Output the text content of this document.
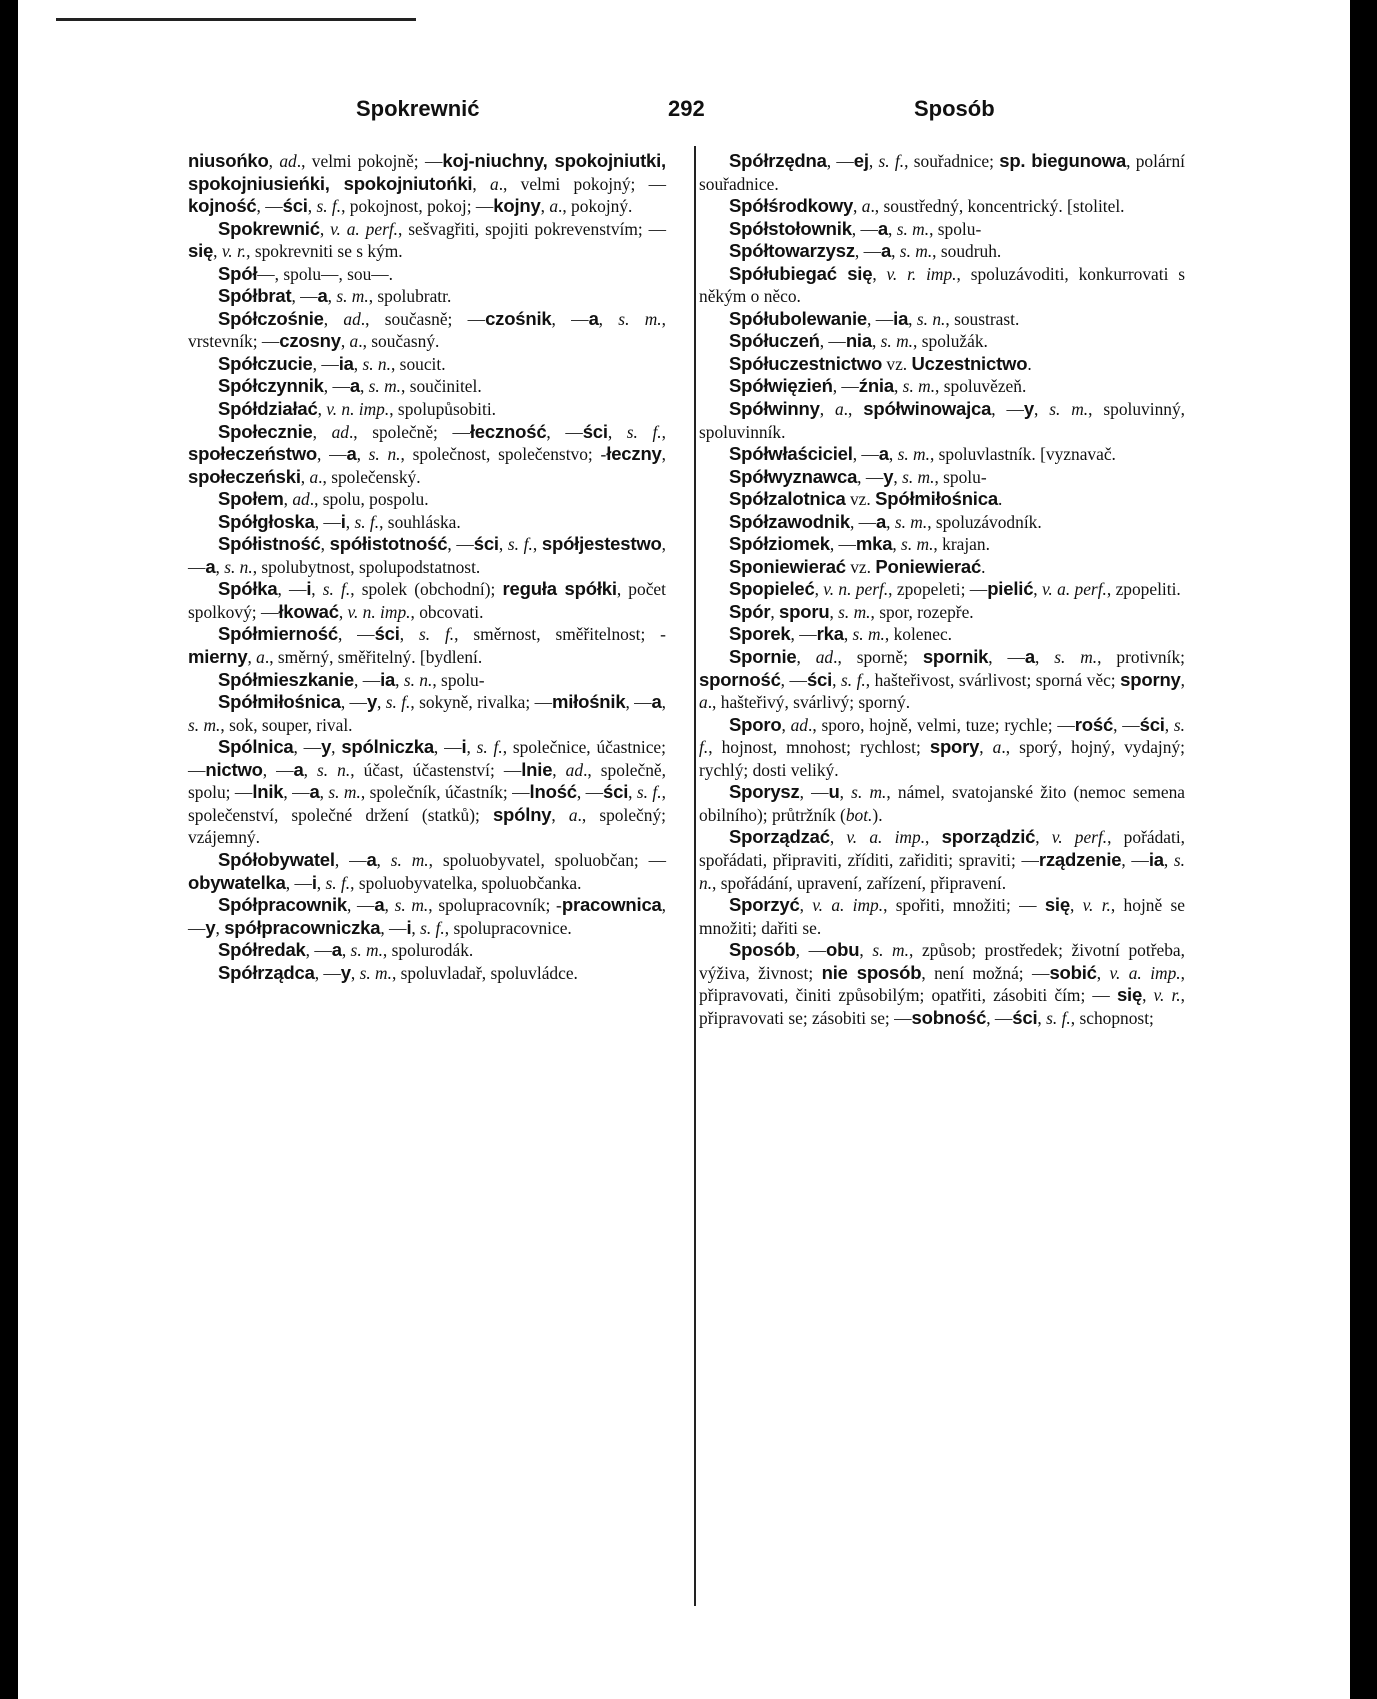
Spokrewnić	292	Sposób

niusońko, ad., velmi pokojně; —koj-niuchny, spokojniutki, spokojniusieńki, spokojniutońki, a., velmi pokojný; —kojność, —ści, s. f., pokojnost, pokoj; —kojny, a., pokojný.

Spokrewnić, v. a. perf., sešvagřiti, spojiti pokrevenstvím; — się, v. r., spokrevniti se s kým.

Spół—, spolu—, sou—.

Spółbrat, —a, s. m., spolubratr.

Spółczośnie, ad., současně; —czośnik, —a, s. m., vrstevník; —czosny, a., současný.

Spółczucie, —ia, s. n., soucit.

Spółczynnik, —a, s. m., součinitel.

Spółdziałać, v. n. imp., spolupůsobiti.

Społecznie, ad., společně; —łeczność, —ści, s. f., społeczeństwo, —a, s. n., společnost, společenstvo; -łeczny, społeczeński, a., společenský.

Społem, ad., spolu, pospolu.

Spółgłoska, —i, s. f., souhláska.

Spółistność, spółistotność, —ści, s. f., spółjestestwo, —a, s. n., spolubytnost, spolupodstatnost.

Spółka, —i, s. f., spolek (obchodní); reguła spółki, počet spolkový; —łkować, v. n. imp., obcovati.

Spółmierność, —ści, s. f., směrnost, směřitelnost; -mierny, a., směrný, směřitelný. [bydlení.

Spółmieszkanie, —ia, s. n., spolu-

Spółmiłośnica, —y, s. f., sokyně, rivalka; —miłośnik, —a, s. m., sok, souper, rival.

Spólnica, —y, spólniczka, —i, s. f., společnice, účastnice; —nictwo, —a, s. n., účast, účastenství; —lnie, ad., společně, spolu; —lnik, —a, s. m., společník, účastník; —lność, —ści, s. f., společenství, společné držení (statků); spólny, a., společný; vzájemný.

Spółobywatel, —a, s. m., spoluobyvatel, spoluobčan; —obywatelka, —i, s. f., spoluobyvatelka, spoluobčanka.

Spółpracownik, —a, s. m., spolupracovník; -pracownica, —y, spółpracowniczka, —i, s. f., spolupracovnice.

Spółredak, —a, s. m., spolurodák.

Spółrządca, —y, s. m., spoluvladař, spoluvládce.

Spółrzędna, —ej, s. f., souřadnice; sp. biegunowa, polární souřadnice.

Spółśrodkowy, a., soustředný, koncentrický. [stolitel.

Spółstołownik, —a, s. m., spolu-

Spółtowarzysz, —a, s. m., soudruh.

Spółubiegać się, v. r. imp., spoluzávoditi, konkurrovati s někým o něco.

Spółubolewanie, —ia, s. n., soustrast.

Spółuczeń, —nia, s. m., spolužák.

Spółuczestnictwo vz. Uczestnictwo.

Spółwięzień, —źnia, s. m., spoluvězeň.

Spółwinny, a., spółwinowajca, —y, s. m., spoluvinný, spoluvinník.

Spółwłaściciel, —a, s. m., spoluvlastník. [vyznavač.

Spółwyznawca, —y, s. m., spolu-

Spółzalotnica vz. Spółmiłośnica.

Spółzawodnik, —a, s. m., spoluzávodník.

Spółziomek, —mka, s. m., krajan.

Sponiewierać vz. Poniewierać.

Spopieleć, v. n. perf., zpopeleti; —pielić, v. a. perf., zpopeliti.

Spór, sporu, s. m., spor, rozepře.

Sporek, —rka, s. m., kolenec.

Spornie, ad., sporně; spornik, —a, s. m., protivník; sporność, —ści, s. f., hašteřivost, svárlivost; sporná věc; sporny, a., hašteřivý, svárlivý; sporný.

Sporo, ad., sporo, hojně, velmi, tuze; rychle; —rość, —ści, s. f., hojnost, mnohost; rychlost; spory, a., sporý, hojný, vydajný; rychlý; dosti veliký.

Sporysz, —u, s. m., námel, svatojanské žito (nemoc semena obilního); průtržník (bot.).

Sporządzać, v. a. imp., sporządzić, v. perf., pořádati, spořádati, připraviti, zříditi, zařiditi; spraviti; —rządzenie, —ia, s. n., spořádání, upravení, zařízení, připravení.

Sporzyć, v. a. imp., spořiti, množiti; — się, v. r., hojně se množiti; dařiti se.

Sposób, —obu, s. m., způsob; prostředek; životní potřeba, výživa, živnost; nie sposób, není možná; —sobić, v. a. imp., připravovati, činiti způsobilým; opatřiti, zásobiti čím; — się, v. r., připravovati se; zásobiti se; —sobność, —ści, s. f., schopnost;
